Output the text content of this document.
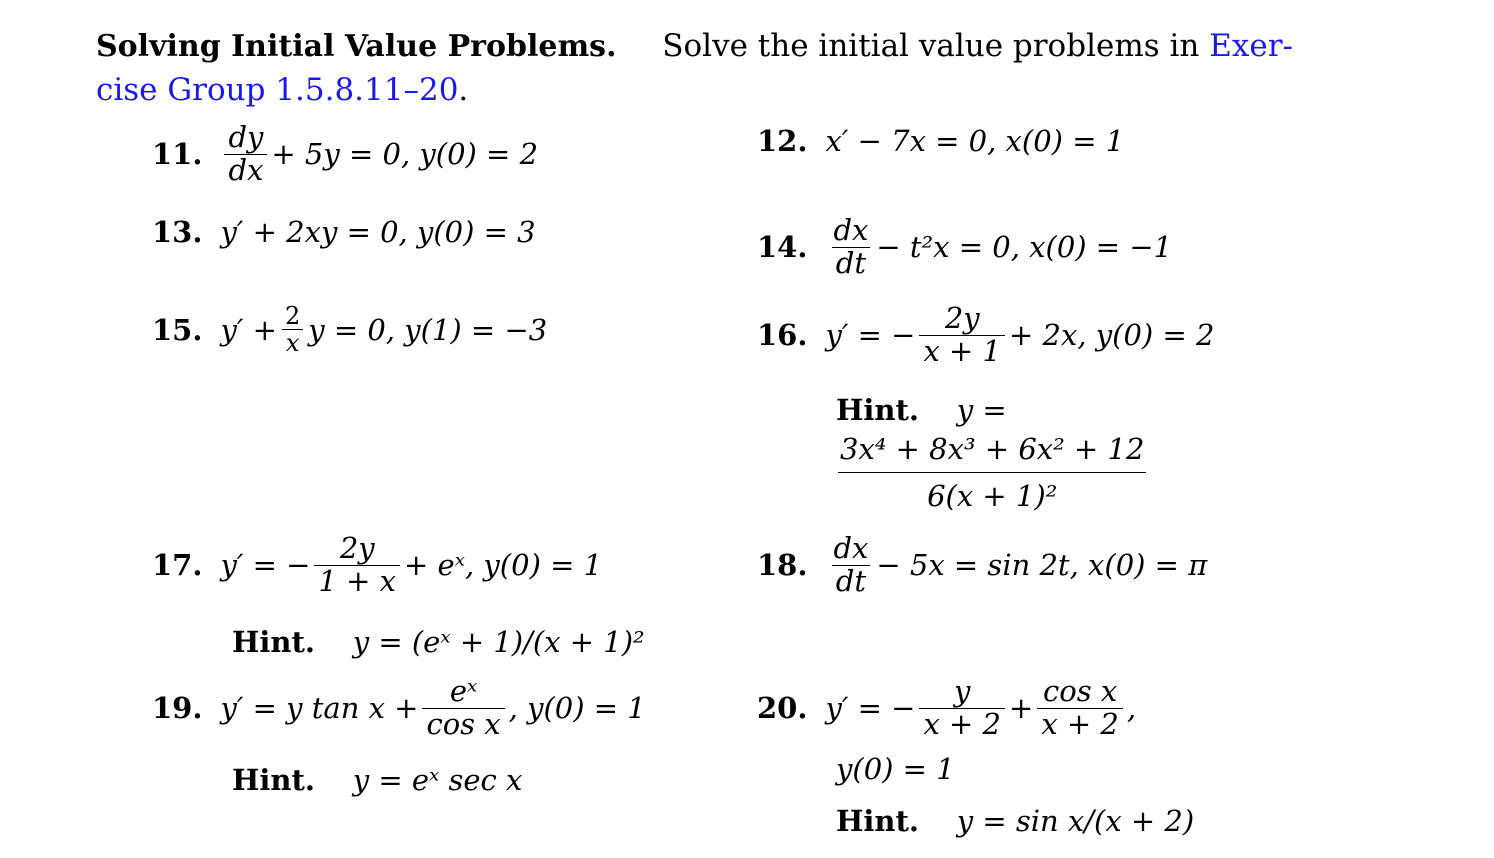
Solving Initial Value Problems. Solve the initial value problems in Exer-
cise Group 1.5.8.11–20.
11. $\frac{dy}{dx} + 5y = 0$, y(0) = 2	12. x′ − 7x = 0, x(0) = 1
13. y′ + 2xy = 0, y(0) = 3	14. $\frac{dx}{dt} - t^2x = 0$, x(0) = −1
15. $y' + \frac{2}{x}$ y = 0, y(1) = −3	16. y′ = − $\frac{2y}{x + 1} + 2x$, y(0) = 2
Hint. y =
$\frac{\text{3x⁴ + 8x³ + 6x² + 12}}{\text{6(x + 1)²}}$
17. y′ = − $\frac{2y}{1 + x}$ + eˣ, y(0) = 1
Hint. y = (eˣ + 1)/(x + 1)²
18. $\frac{dx}{dt} - 5x = \sin 2t$, x(0) = π
19. y′ = y $\tan x + \frac{\text{eˣ}}{\text{cos x}}$ , y(0) = 1
Hint. y = eˣ sec x
20. y′ = − $\frac{y}{x + 2} + \frac{\text{cos x}}{x + 2}$ ,
y(0) = 1
Hint. y = sin x/(x + 2)
